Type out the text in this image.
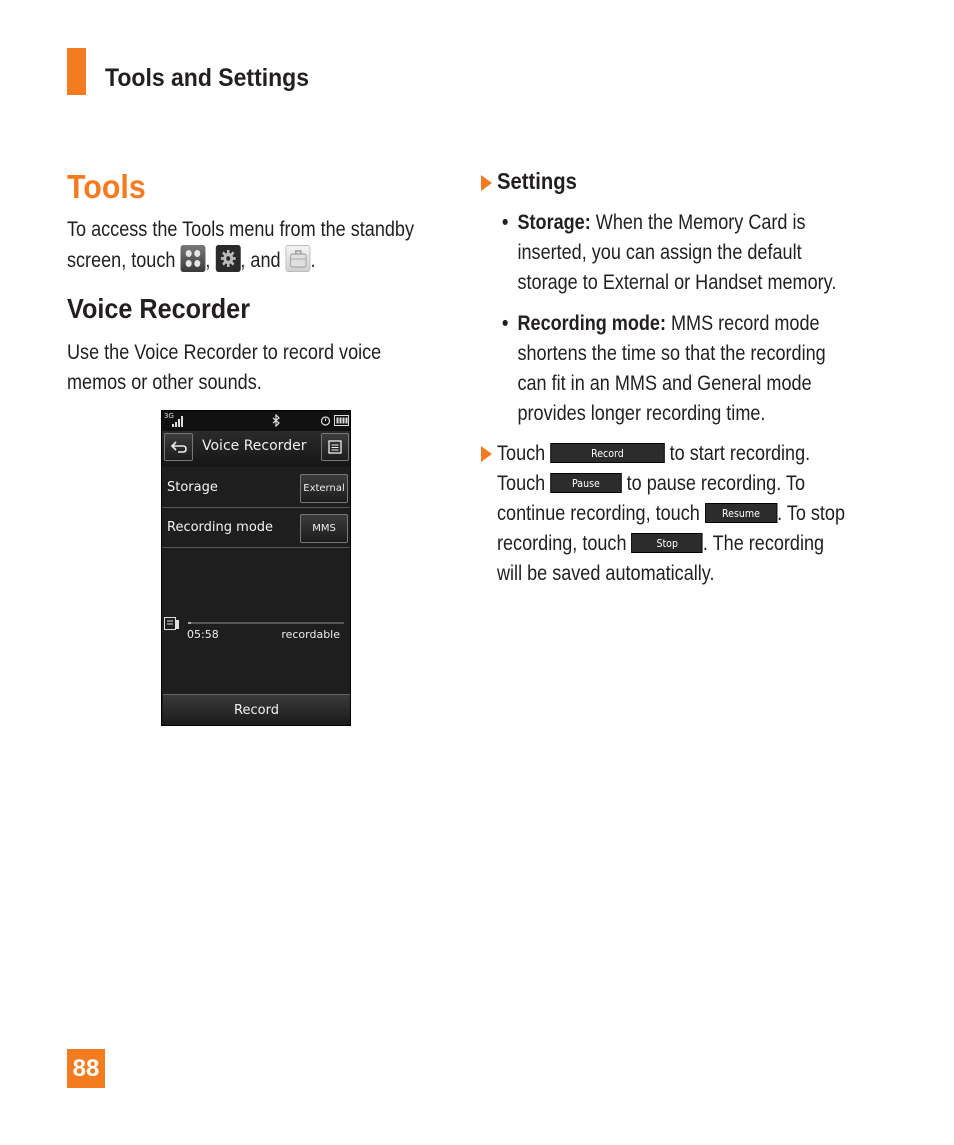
Tools and Settings
Tools
To access the Tools menu from the standby
screen, touch , , and .
Voice Recorder
Use the Voice Recorder to record voice
memos or other sounds.
3G
Voice Recorder
Storage	External
Recording mode	MMS
05:58	recordable
Record
Settings
• Storage: When the Memory Card is
inserted, you can assign the default
storage to External or Handset memory.
• Recording mode: MMS record mode
shortens the time so that the recording
can fit in an MMS and General mode
provides longer recording time.
Touch	Record to start recording.
Touch Pause to pause recording. To
continue recording, touch Resume . To stop
recording, touch	Stop . The recording
will be saved automatically.
88
